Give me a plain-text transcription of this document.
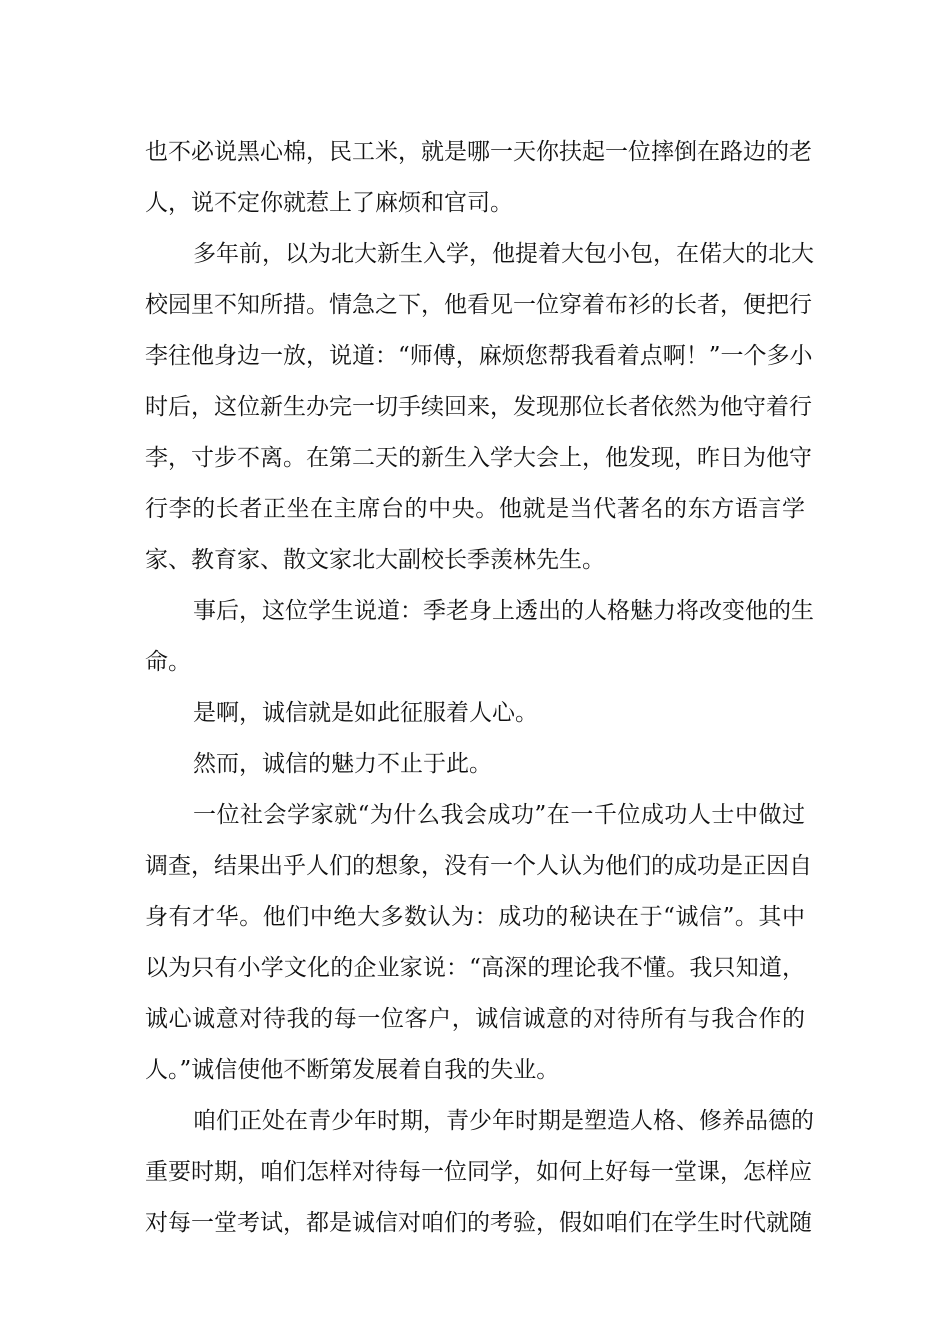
也不必说黑心棉，民工米，就是哪一天你扶起一位摔倒在路边的老
人，说不定你就惹上了麻烦和官司。
多年前，以为北大新生入学，他提着大包小包，在偌大的北大
校园里不知所措。情急之下，他看见一位穿着布衫的长者，便把行
李往他身边一放，说道：“师傅，麻烦您帮我看着点啊！”一个多小
时后，这位新生办完一切手续回来，发现那位长者依然为他守着行
李，寸步不离。在第二天的新生入学大会上，他发现，昨日为他守
行李的长者正坐在主席台的中央。他就是当代著名的东方语言学
家、教育家、散文家北大副校长季羡林先生。
事后，这位学生说道：季老身上透出的人格魅力将改变他的生
命。
是啊，诚信就是如此征服着人心。
然而，诚信的魅力不止于此。
一位社会学家就“为什么我会成功”在一千位成功人士中做过
调查，结果出乎人们的想象，没有一个人认为他们的成功是正因自
身有才华。他们中绝大多数认为：成功的秘诀在于“诚信”。其中
以为只有小学文化的企业家说：“高深的理论我不懂。我只知道，
诚心诚意对待我的每一位客户，诚信诚意的对待所有与我合作的
人。”诚信使他不断第发展着自我的失业。
咱们正处在青少年时期，青少年时期是塑造人格、修养品德的
重要时期，咱们怎样对待每一位同学，如何上好每一堂课，怎样应
对每一堂考试，都是诚信对咱们的考验，假如咱们在学生时代就随
